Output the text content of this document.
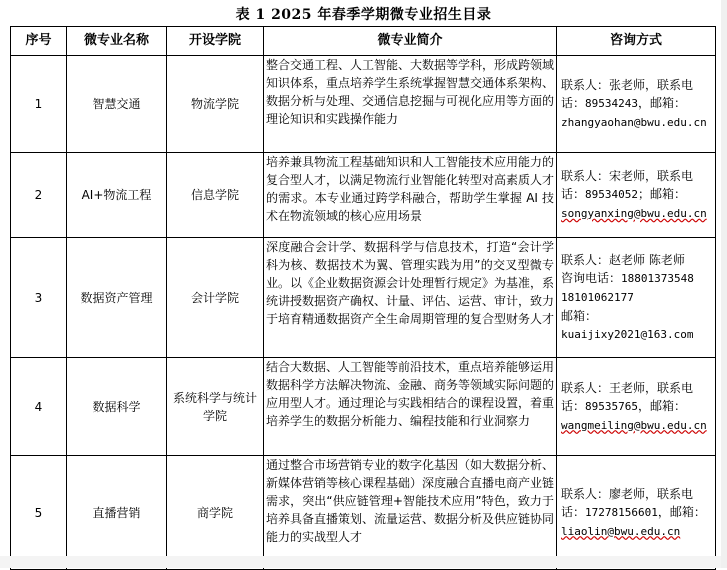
表 1 2025 年春季学期微专业招生目录
序号	微专业名称	开设学院	微专业简介	咨询方式
1	智慧交通	物流学院	整合交通工程、人工智能、大数据等学科，形成跨领域知识体系，重点培养学生系统掌握智慧交通体系架构、数据分析与处理、交通信息挖掘与可视化应用等方面的理论知识和实践操作能力	联系人：张老师，联系电话：89534243，邮箱：
zhangyaohan@bwu.edu.cn
2	AI+物流工程	信息学院	培养兼具物流工程基础知识和人工智能技术应用能力的复合型人才，以满足物流行业智能化转型对高素质人才的需求。本专业通过跨学科融合，帮助学生掌握 AI 技术在物流领域的核心应用场景	联系人：宋老师，联系电话：89534052；邮箱：
songyanxing@bwu.edu.cn
3	数据资产管理	会计学院	深度融合会计学、数据科学与信息技术，打造“会计学科为核、数据技术为翼、管理实践为用”的交叉型微专业。以《企业数据资源会计处理暂行规定》为基准，系统讲授数据资产确权、计量、评估、运营、审计，致力于培育精通数据资产全生命周期管理的复合型财务人才	联系人：赵老师 陈老师
咨询电话：18801373548
18101062177
邮箱：
kuaijixy2021@163.com
4	数据科学	系统科学与统计学院	结合大数据、人工智能等前沿技术，重点培养能够运用数据科学方法解决物流、金融、商务等领域实际问题的应用型人才。通过理论与实践相结合的课程设置，着重培养学生的数据分析能力、编程技能和行业洞察力	联系人：王老师，联系电话：89535765，邮箱：
wangmeiling@bwu.edu.cn
5	直播营销	商学院	通过整合市场营销专业的数字化基因（如大数据分析、新媒体营销等核心课程基础）深度融合直播电商产业链需求，突出“供应链管理+智能技术应用”特色，致力于培养具备直播策划、流量运营、数据分析及供应链协同能力的实战型人才	联系人：廖老师，联系电话：17278156601，邮箱：
liaolin@bwu.edu.cn
